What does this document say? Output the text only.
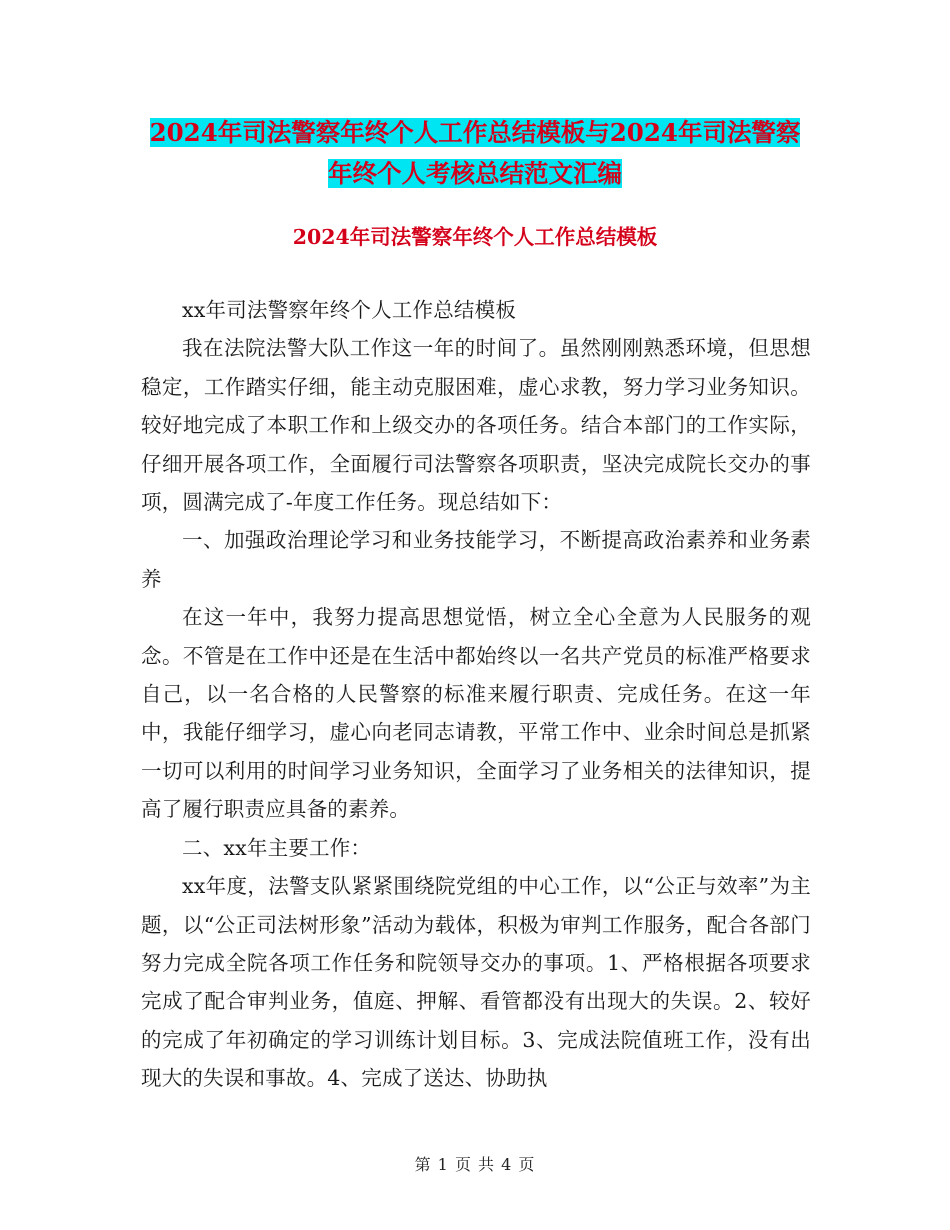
2024年司法警察年终个人工作总结模板与2024年司法警察年终个人考核总结范文汇编
2024年司法警察年终个人工作总结模板

xx年司法警察年终个人工作总结模板

我在法院法警大队工作这一年的时间了。虽然刚刚熟悉环境，但思想稳定，工作踏实仔细，能主动克服困难，虚心求教，努力学习业务知识。较好地完成了本职工作和上级交办的各项任务。结合本部门的工作实际，仔细开展各项工作，全面履行司法警察各项职责，坚决完成院长交办的事项，圆满完成了-年度工作任务。现总结如下：

一、加强政治理论学习和业务技能学习，不断提高政治素养和业务素养

在这一年中，我努力提高思想觉悟，树立全心全意为人民服务的观念。不管是在工作中还是在生活中都始终以一名共产党员的标准严格要求自己，以一名合格的人民警察的标准来履行职责、完成任务。在这一年中，我能仔细学习，虚心向老同志请教，平常工作中、业余时间总是抓紧一切可以利用的时间学习业务知识，全面学习了业务相关的法律知识，提高了履行职责应具备的素养。

二、xx年主要工作：

xx年度，法警支队紧紧围绕院党组的中心工作，以“公正与效率”为主题，以“公正司法树形象”活动为载体，积极为审判工作服务，配合各部门努力完成全院各项工作任务和院领导交办的事项。1、严格根据各项要求完成了配合审判业务，值庭、押解、看管都没有出现大的失误。2、较好的完成了年初确定的学习训练计划目标。3、完成法院值班工作，没有出现大的失误和事故。4、完成了送达、协助执

第 1 页 共 4 页
